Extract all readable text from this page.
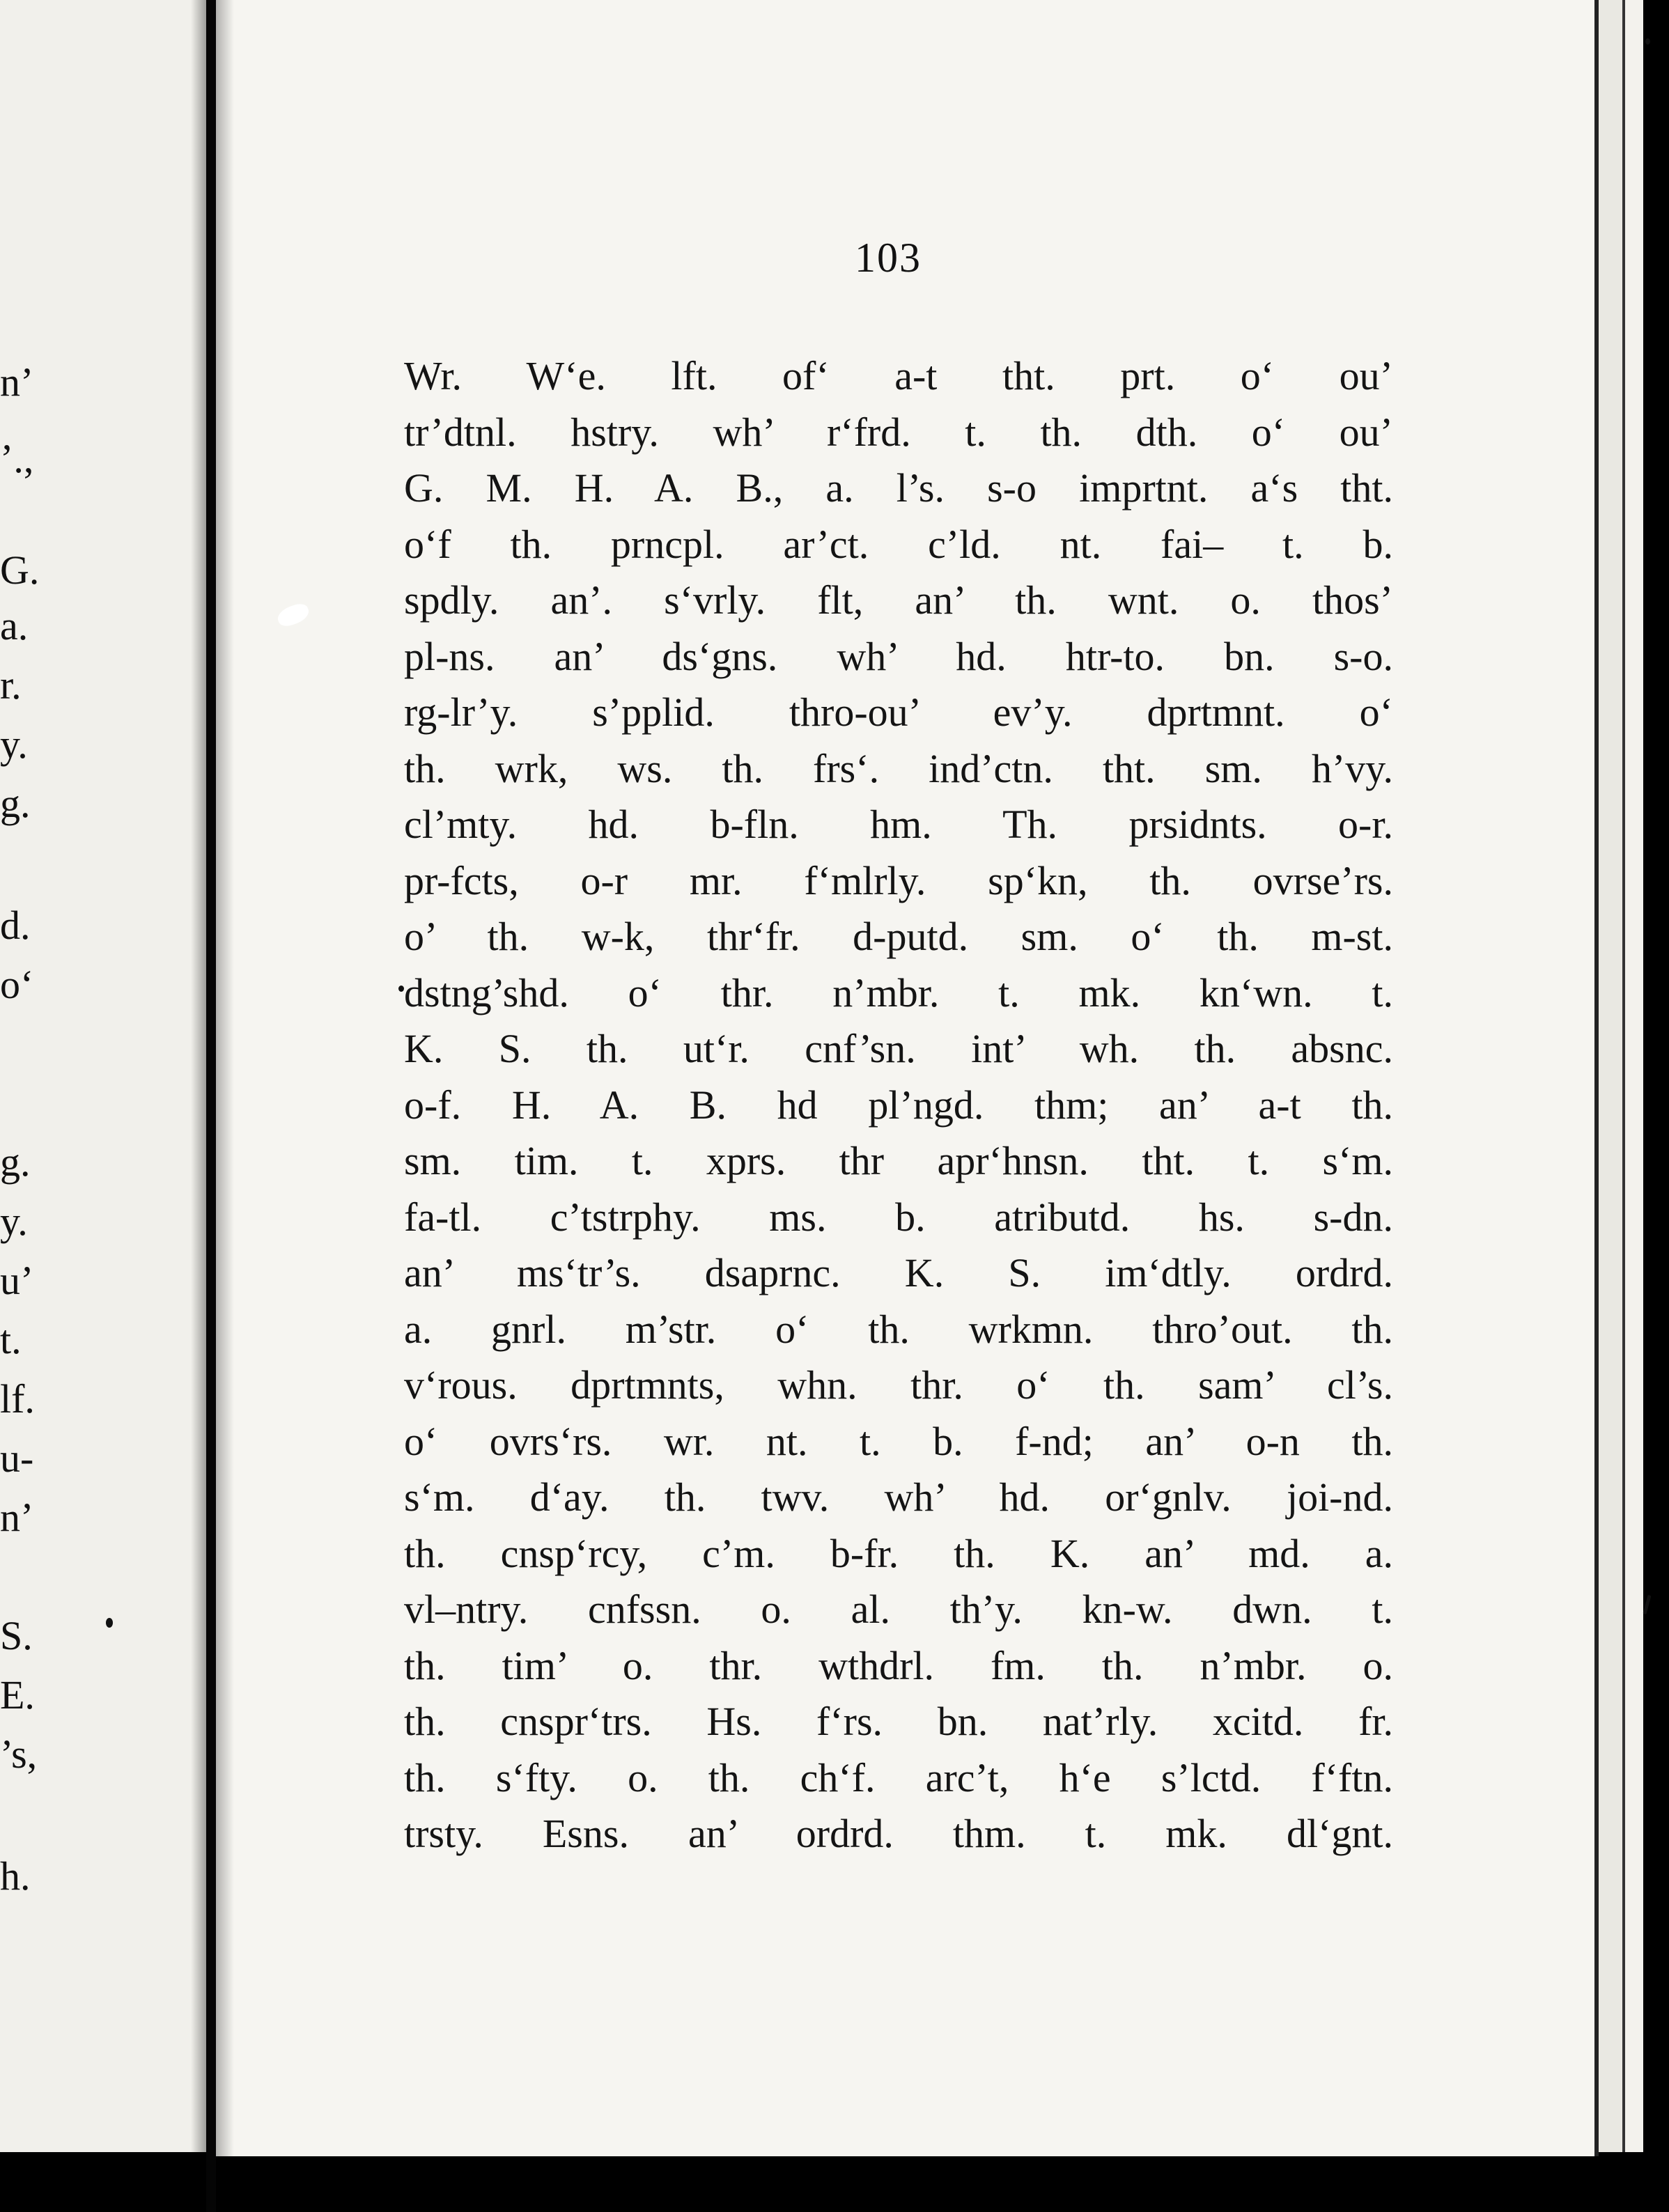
n’
’.,
G.
a.
r.
y.
g.
d.
o‘
g.
y.
u’
t.
lf.
u-
n’
S.
E.
’s,
h.
103
Wr. W‘e. lft. of‘ a-t tht. prt. o‘ ou’
tr’dtnl. hstry. wh’ r‘frd. t. th. dth. o‘ ou’
G. M. H. A. B., a. l’s. s-o imprtnt. a‘s tht.
o‘f th. prncpl. ar’ct. c’ld. nt. fai– t. b.
spdly. an’. s‘vrly. flt, an’ th. wnt. o. thos’
pl-ns. an’ ds‘gns. wh’ hd. htr-to. bn. s-o.
rg-lr’y. s’pplid. thro-ou’ ev’y. dprtmnt. o‘
th. wrk, ws. th. frs‘. ind’ctn. tht. sm. h’vy.
cl’mty. hd. b-fln. hm. Th. prsidnts. o-r.
pr-fcts, o-r mr. f‘mlrly. sp‘kn, th. ovrse’rs.
o’ th. w-k, thr‘fr. d-putd. sm. o‘ th. m-st.
dstng’shd. o‘ thr. n’mbr. t. mk. kn‘wn. t.
K. S. th. ut‘r. cnf’sn. int’ wh. th. absnc.
o-f. H. A. B. hd pl’ngd. thm; an’ a-t th.
sm. tim. t. xprs. thr apr‘hnsn. tht. t. s‘m.
fa-tl. c’tstrphy. ms. b. atributd. hs. s-dn.
an’ ms‘tr’s. dsaprnc. K. S. im‘dtly. ordrd.
a. gnrl. m’str. o‘ th. wrkmn. thro’out. th.
v‘rous. dprtmnts, whn. thr. o‘ th. sam’ cl’s.
o‘ ovrs‘rs. wr. nt. t. b. f-nd; an’ o-n th.
s‘m. d‘ay. th. twv. wh’ hd. or‘gnlv. joi-nd.
th. cnsp‘rcy, c’m. b-fr. th. K. an’ md. a.
vl–ntry. cnfssn. o. al. th’y. kn-w. dwn. t.
th. tim’ o. thr. wthdrl. fm. th. n’mbr. o.
th. cnspr‘trs. Hs. f‘rs. bn. nat’rly. xcitd. fr.
th. s‘fty. o. th. ch‘f. arc’t, h‘e s’lctd. f‘ftn.
trsty. Esns. an’ ordrd. thm. t. mk. dl‘gnt.
